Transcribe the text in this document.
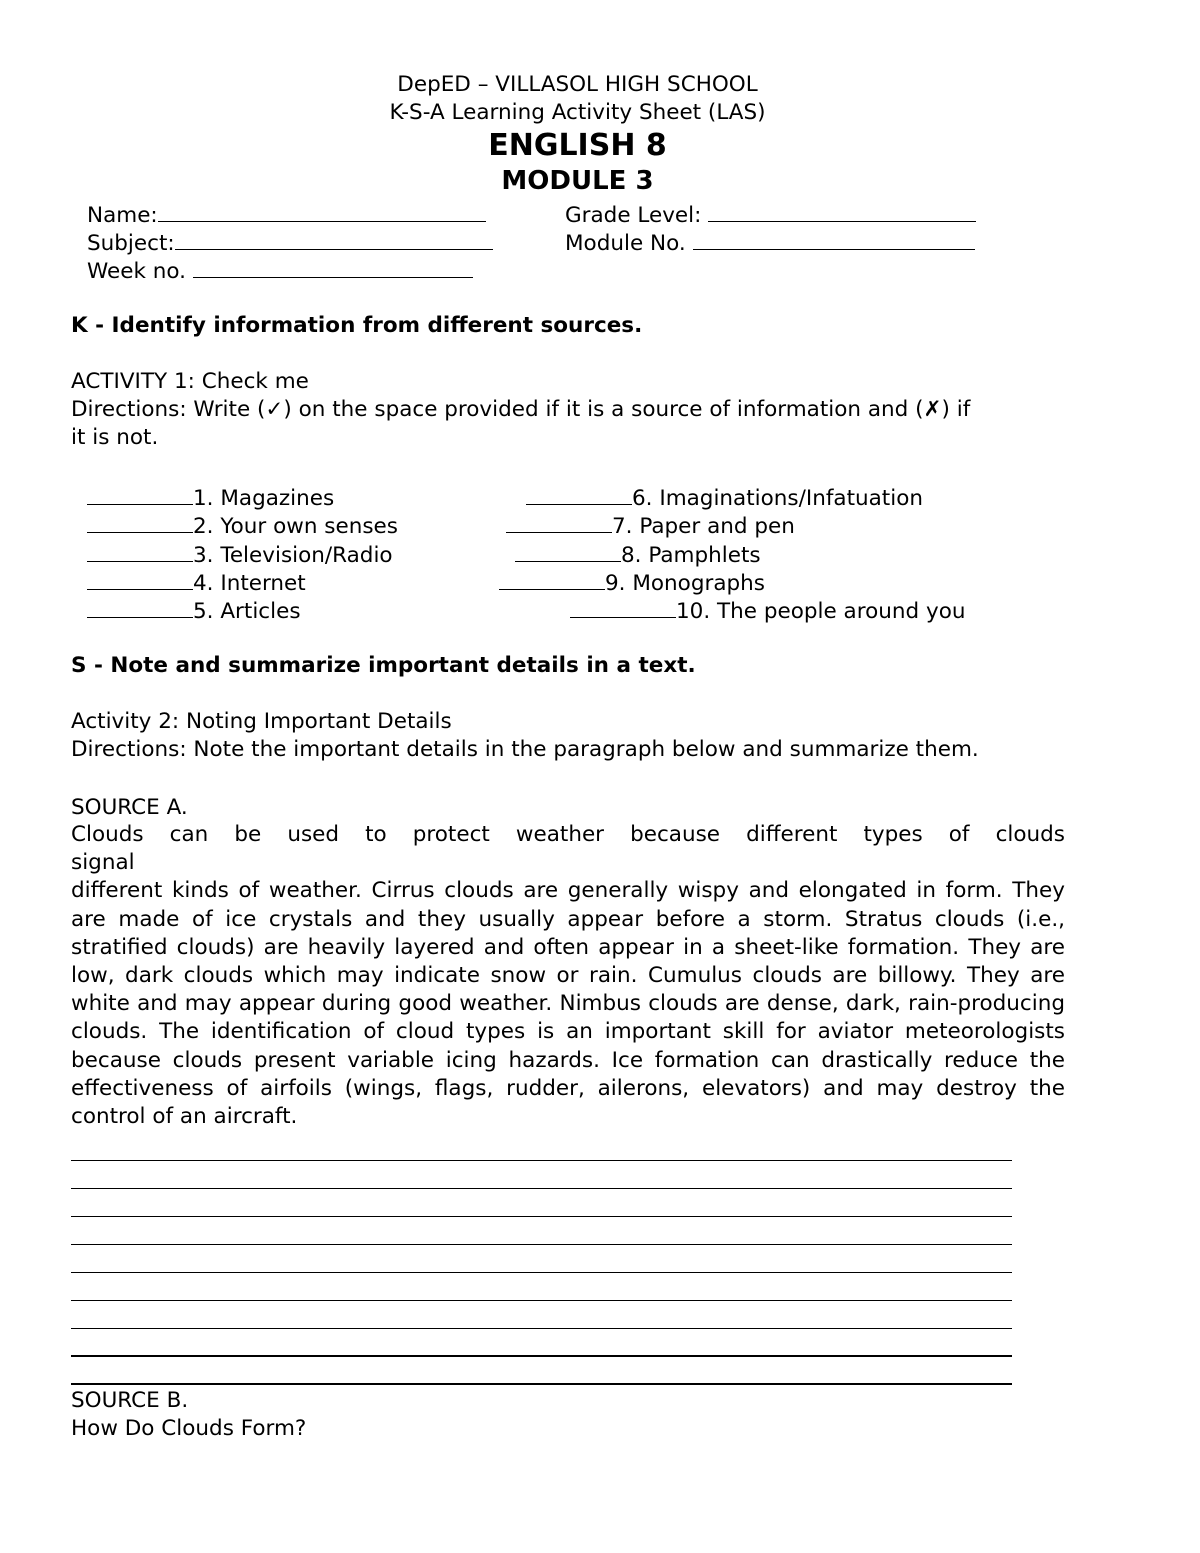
DepED – VILLASOL HIGH SCHOOL
K-S-A Learning Activity Sheet (LAS)
ENGLISH 8
MODULE 3
Name:	Grade Level:
Subject:	Module No.
Week no.
K - Identify information from different sources.
ACTIVITY 1: Check me
Directions: Write (✓) on the space provided if it is a source of information and (✗) if
it is not.
1. Magazines
2. Your own senses
3. Television/Radio
4. Internet
5. Articles
6. Imaginations/Infatuation
7. Paper and pen
8. Pamphlets
9. Monographs
10. The people around you
S - Note and summarize important details in a text.
Activity 2: Noting Important Details
Directions: Note the important details in the paragraph below and summarize them.
SOURCE A.

Clouds can be used to protect weather because different types of clouds

signal

different kinds of weather. Cirrus clouds are generally wispy and elongated in form. They are made of ice crystals and they usually appear before a storm. Stratus clouds (i.e., stratified clouds) are heavily layered and often appear in a sheet-like formation. They are low, dark clouds which may indicate snow or rain. Cumulus clouds are billowy. They are white and may appear during good weather. Nimbus clouds are dense, dark, rain-producing clouds. The identification of cloud types is an important skill for aviator meteorologists because clouds present variable icing hazards. Ice formation can drastically reduce the effectiveness of airfoils (wings, flags, rudder, ailerons, elevators) and may destroy the control of an aircraft.

SOURCE B.
How Do Clouds Form?
